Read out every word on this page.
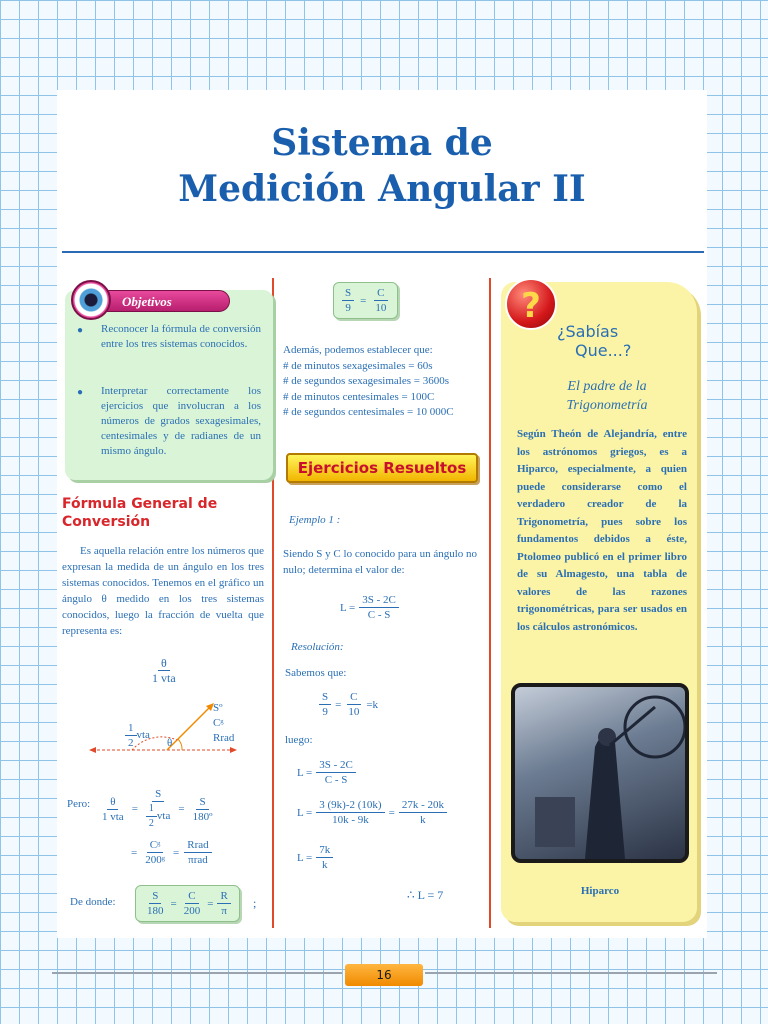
Sistema de
Medición Angular II
Objetivos
● Reconocer la fórmula de conversión entre los tres sistemas conocidos.
● Interpretar correctamente los ejercicios que involucran a los números de grados sexagesimales, centesimales y de radianes de un mismo ángulo.
Fórmula General de Conversión
Es aquella relación entre los números que expresan la medida de un ángulo en los tres sistemas conocidos. Tenemos en el gráfico un ángulo θ medido en los tres sistemas conocidos, luego la fracción de vuelta que representa es:
$\frac{\theta}{\text{1 vta}}$
Sº
Cᵍ
Rrad
$\frac{1}{2}$ vta
θ
Pero: $\frac{\theta}{\text{1 vta}} = \frac{S}{\frac{1}{2} vta} = \frac{S}{\text{180º}}$
= $\frac{\text{Cᵍ}}{\text{200ᵍ}} = \frac{\text{Rrad}}{\text{πrad}}$
De donde:	$\frac{S}{180} = \frac{C}{200} = \frac{R}{\pi}$ ;
$\frac{S}{9} = \frac{C}{10}$
Además, podemos establecer que:
# de minutos sexagesimales = 60s
# de segundos sexagesimales = 3600s
# de minutos centesimales = 100C
# de segundos centesimales = 10 000C
Ejercicios Resueltos
Ejemplo 1 :
Siendo S y C lo conocido para un ángulo no nulo; determina el valor de:
$L = \frac{3S - 2C}{C - S}$
Resolución:
Sabemos que:
$\frac{S}{9} = \frac{C}{10} =k$
luego:
$L = \frac{3S - 2C}{C - S}$
$L = \frac{3 (9k)-2 (10k)}{10k - 9k} = \frac{27k - 20k}{k}$
$L = \frac{7k}{k}$
∴ L = 7
?
¿Sabías
Que...?
El padre de la Trigonometría
Según Theón de Alejandría, entre los astrónomos griegos, es a Hiparco, especialmente, a quien puede considerarse como el verdadero creador de la Trigonometría, pues sobre los fundamentos debidos a éste, Ptolomeo publicó en el primer libro de su Almagesto, una tabla de valores de las razones trigonométricas, para ser usados en los cálculos astronómicos.
Hiparco
16
